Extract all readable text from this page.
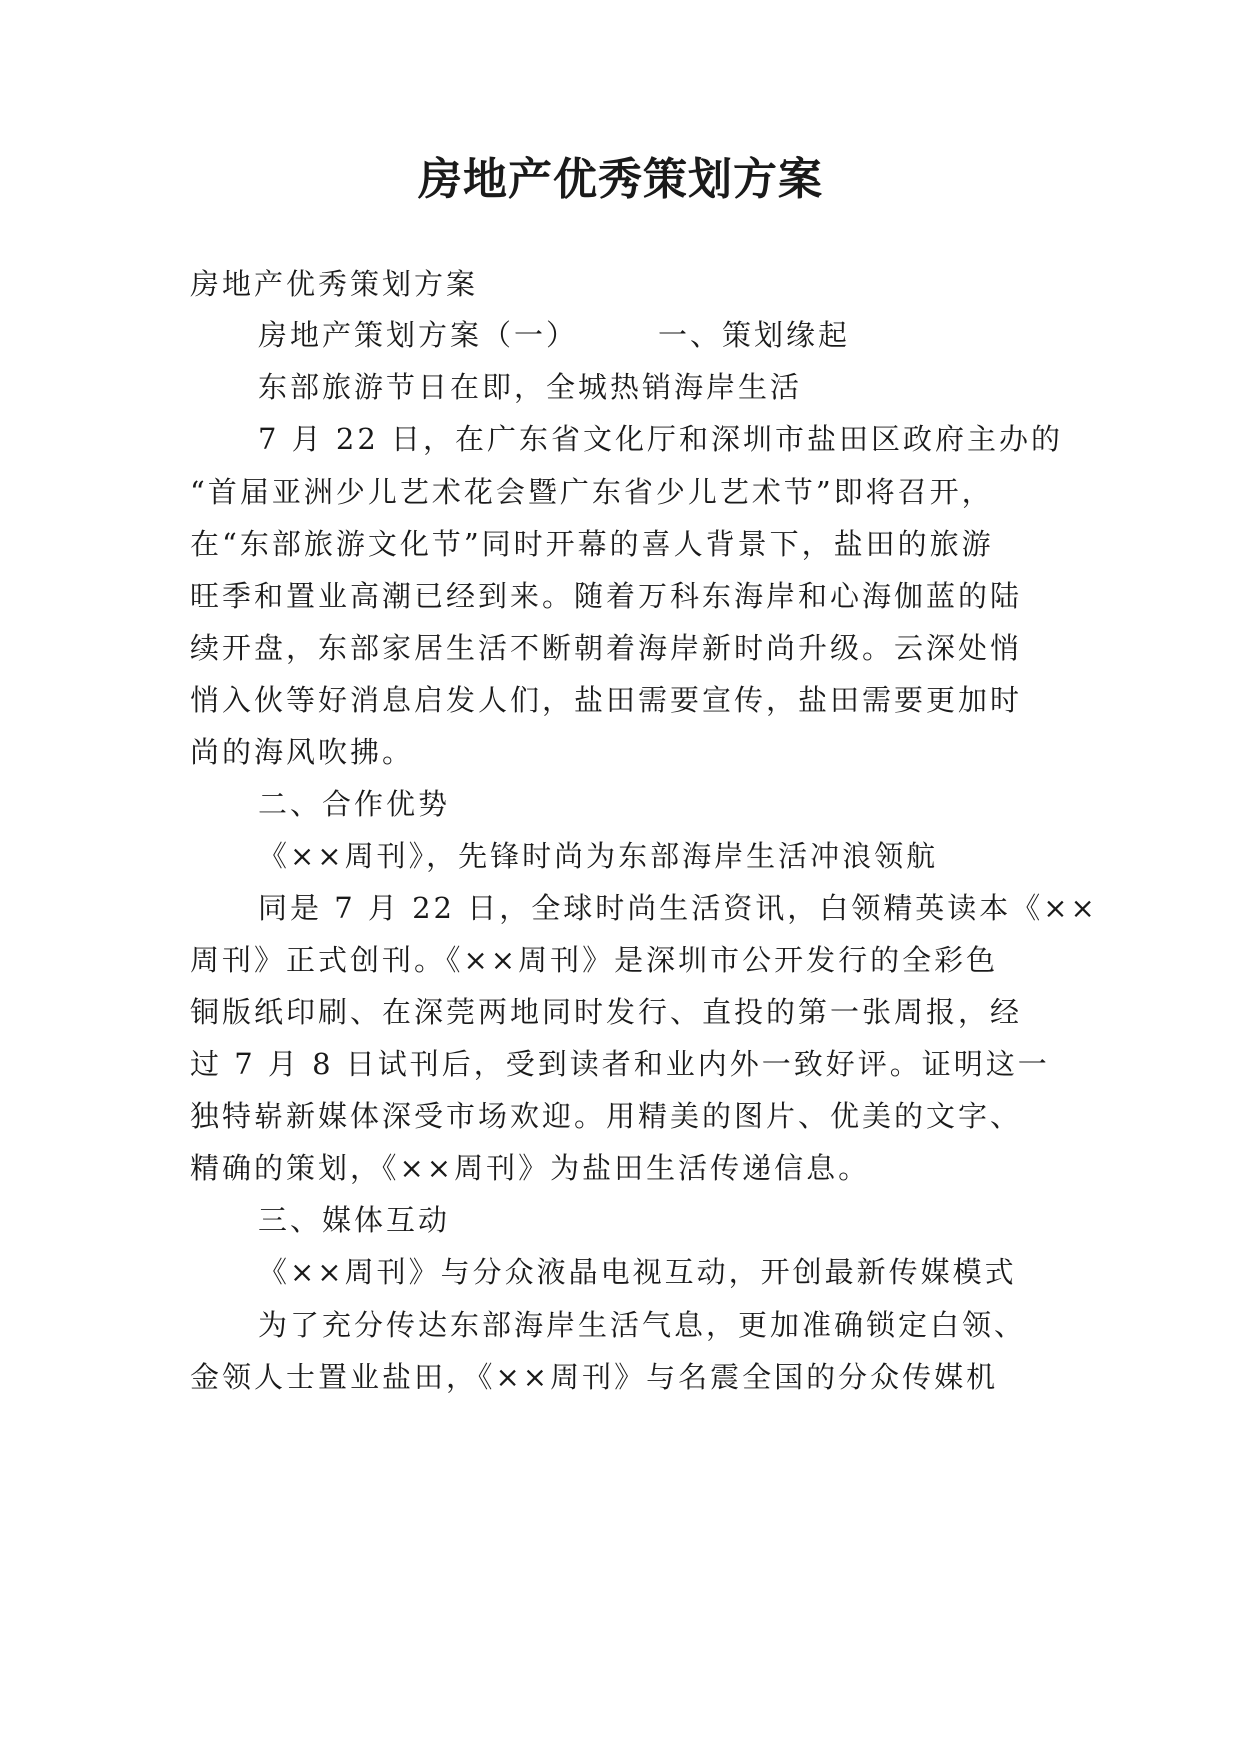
房地产优秀策划方案

房地产优秀策划方案

房地产策划方案（一）	一、策划缘起

东部旅游节日在即，全城热销海岸生活

7 月 22 日，在广东省文化厅和深圳市盐田区政府主办的

“首届亚洲少儿艺术花会暨广东省少儿艺术节”即将召开，

在“东部旅游文化节”同时开幕的喜人背景下，盐田的旅游

旺季和置业高潮已经到来。随着万科东海岸和心海伽蓝的陆

续开盘，东部家居生活不断朝着海岸新时尚升级。云深处悄

悄入伙等好消息启发人们，盐田需要宣传，盐田需要更加时

尚的海风吹拂。

二、合作优势

《××周刊》，先锋时尚为东部海岸生活冲浪领航

同是 7 月 22 日，全球时尚生活资讯，白领精英读本《××

周刊》正式创刊。《××周刊》是深圳市公开发行的全彩色

铜版纸印刷、在深莞两地同时发行、直投的第一张周报，经

过 7 月 8 日试刊后，受到读者和业内外一致好评。证明这一

独特崭新媒体深受市场欢迎。用精美的图片、优美的文字、

精确的策划，《××周刊》为盐田生活传递信息。

三、媒体互动

《××周刊》与分众液晶电视互动，开创最新传媒模式

为了充分传达东部海岸生活气息，更加准确锁定白领、

金领人士置业盐田，《××周刊》与名震全国的分众传媒机
